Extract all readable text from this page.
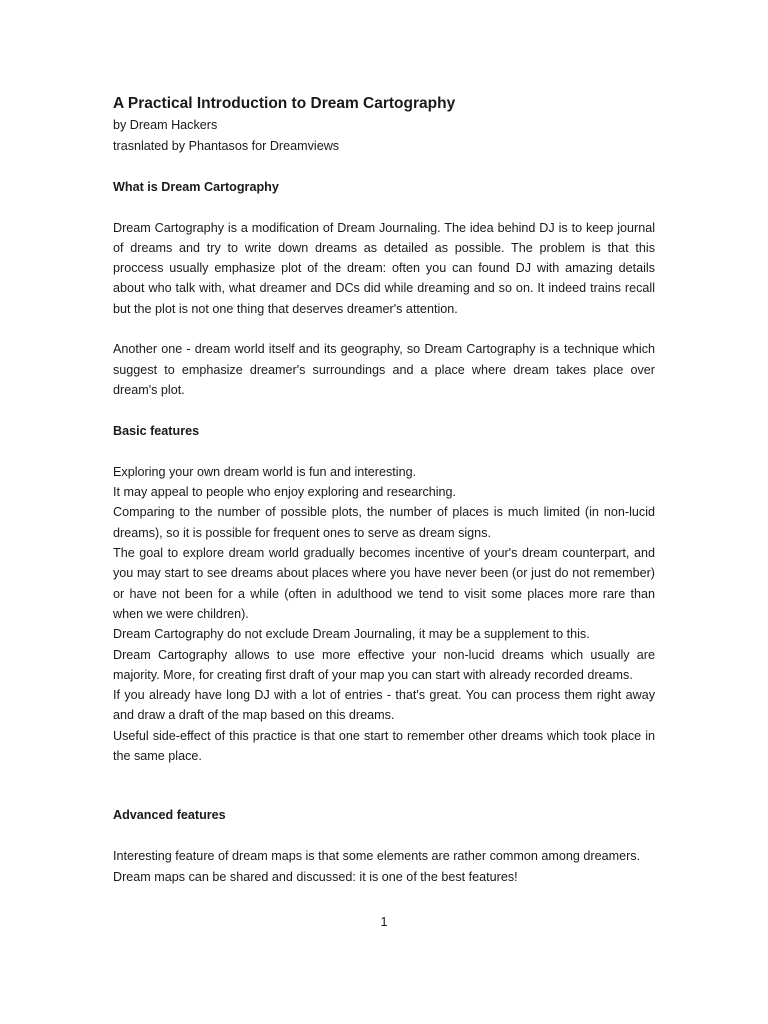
A Practical Introduction to Dream Cartography

by Dream Hackers

trasnlated by Phantasos for Dreamviews

What is Dream Cartography

Dream Cartography is a modification of Dream Journaling. The idea behind DJ is to keep journal of dreams and try to write down dreams as detailed as possible. The problem is that this proccess usually emphasize plot of the dream: often you can found DJ with amazing details about who talk with, what dreamer and DCs did while dreaming and so on. It indeed trains recall but the plot is not one thing that deserves dreamer's attention.

Another one - dream world itself and its geography, so Dream Cartography is a technique which suggest to emphasize dreamer's surroundings and a place where dream takes place over dream's plot.

Basic features

Exploring your own dream world is fun and interesting.

It may appeal to people who enjoy exploring and researching.

Comparing to the number of possible plots, the number of places is much limited (in non-lucid dreams), so it is possible for frequent ones to serve as dream signs.

The goal to explore dream world gradually becomes incentive of your's dream counterpart, and you may start to see dreams about places where you have never been (or just do not remember) or have not been for a while (often in adulthood we tend to visit some places more rare than when we were children).

Dream Cartography do not exclude Dream Journaling, it may be a supplement to this.

Dream Cartography allows to use more effective your non-lucid dreams which usually are majority. More, for creating first draft of your map you can start with already recorded dreams.

If you already have long DJ with a lot of entries - that's great. You can process them right away and draw a draft of the map based on this dreams.

Useful side-effect of this practice is that one start to remember other dreams which took place in the same place.

Advanced features

Interesting feature of dream maps is that some elements are rather common among dreamers.

Dream maps can be shared and discussed: it is one of the best features!

1
